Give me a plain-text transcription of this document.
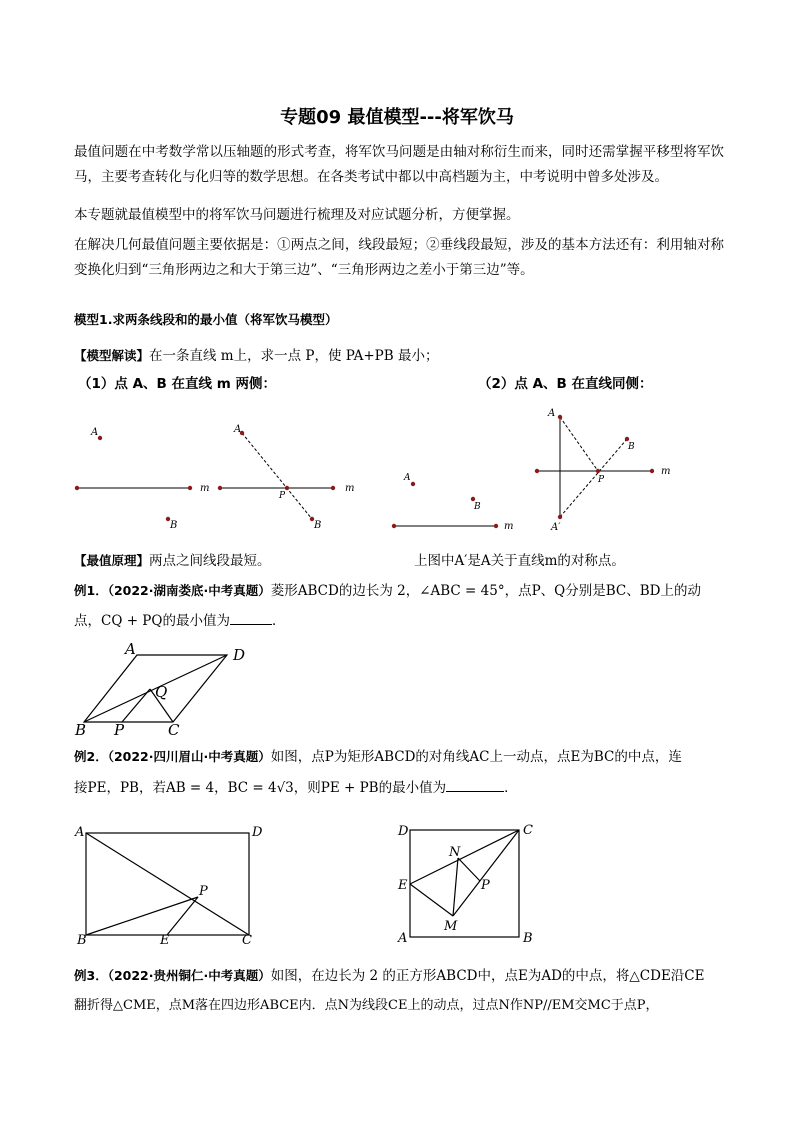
专题09 最值模型---将军饮马

最值问题在中考数学常以压轴题的形式考查，将军饮马问题是由轴对称衍生而来，同时还需掌握平移型将军饮马，主要考查转化与化归等的数学思想。在各类考试中都以中高档题为主，中考说明中曾多处涉及。

本专题就最值模型中的将军饮马问题进行梳理及对应试题分析，方便掌握。

在解决几何最值问题主要依据是：①两点之间，线段最短；②垂线段最短，涉及的基本方法还有：利用轴对称变换化归到“三角形两边之和大于第三边”、“三角形两边之差小于第三边”等。

模型1.求两条线段和的最小值（将军饮马模型）
【模型解读】在一条直线 m上，求一点 P，使 PA+PB 最小；
（1）点 A、B 在直线 m 两侧：	（2）点 A、B 在直线同侧：
A
B
m
A
B
P
m
A
B
m
A
A′
B
P
m
【最值原理】两点之间线段最短。	上图中A′是A关于直线m的对称点。
例1．（2022·湖南娄底·中考真题）菱形ABCD的边长为 2，∠ABC = 45°，点P、Q分别是BC、BD上的动
点，CQ + PQ的最小值为	．
A	D
B P	C
Q
例2．（2022·四川眉山·中考真题）如图，点P为矩形ABCD的对角线AC上一动点，点E为BC的中点，连
接PE，PB，若AB = 4，BC = 4√3，则PE + PB的最小值为	．
A	D
B	E	C
P
D	C
E
N
P
M
A	B
例3．（2022·贵州铜仁·中考真题）如图，在边长为 2 的正方形ABCD中，点E为AD的中点，将△CDE沿CE
翻折得△CME，点M落在四边形ABCE内．点N为线段CE上的动点，过点N作NP//EM交MC于点P，
